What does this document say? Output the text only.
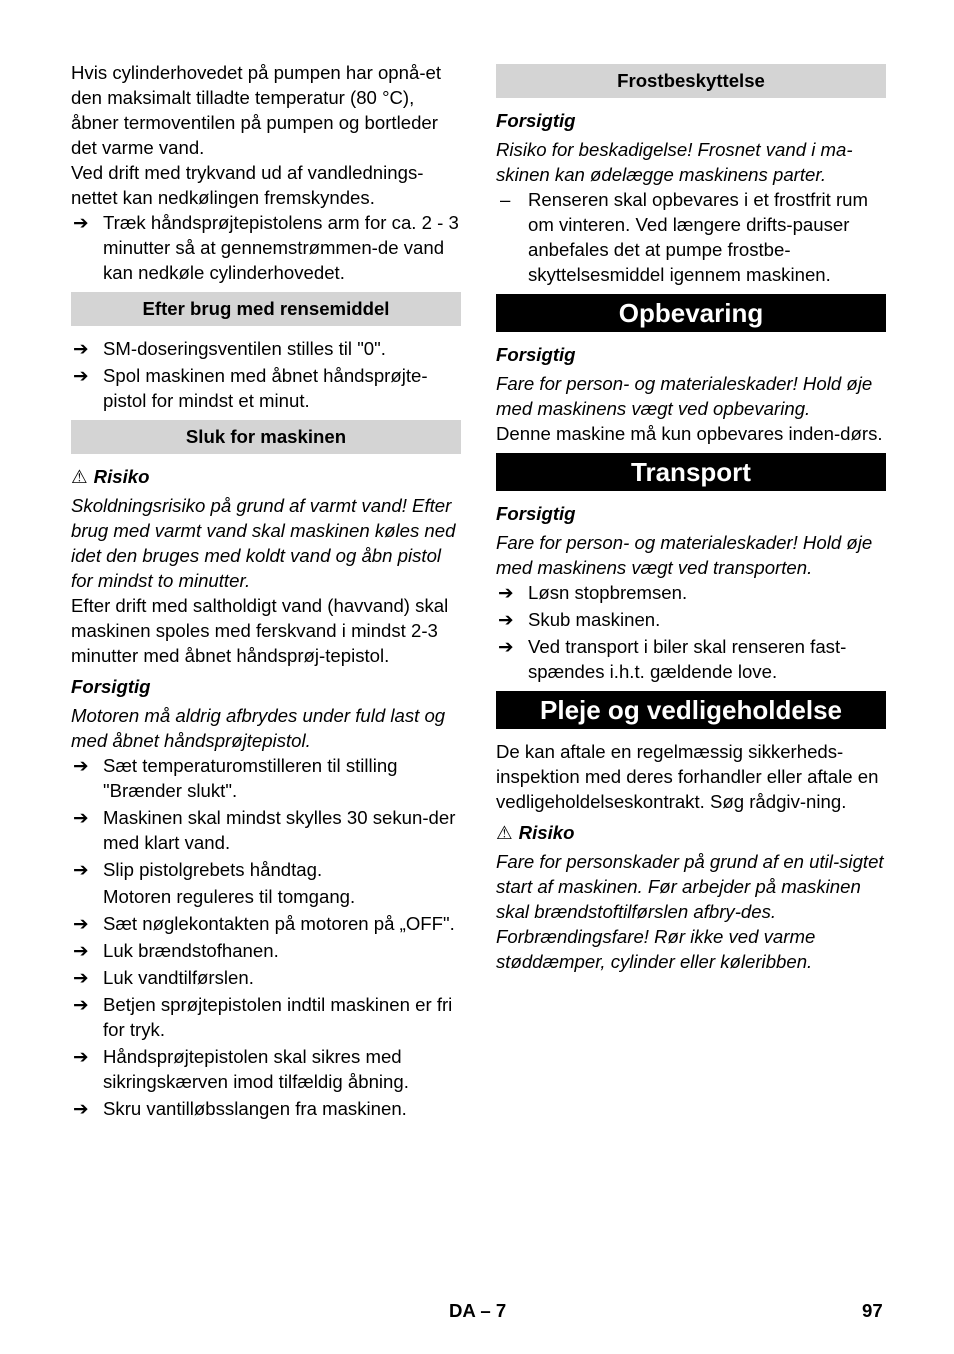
Hvis cylinderhovedet på pumpen har opnå-et den maksimalt tilladte temperatur (80 °C), åbner termoventilen på pumpen og bortleder det varme vand.

Ved drift med trykvand ud af vandlednings-nettet kan nedkølingen fremskyndes.

➔ Træk håndsprøjtepistolens arm for ca. 2 - 3 minutter så at gennemstrømmen-de vand kan nedkøle cylinderhovedet.
Efter brug med rensemiddel
➔ SM-doseringsventilen stilles til "0".
➔ Spol maskinen med åbnet håndsprøjte-pistol for mindst et minut.
Sluk for maskinen

⚠ Risiko

Skoldningsrisiko på grund af varmt vand! Efter brug med varmt vand skal maskinen køles ned idet den bruges med koldt vand og åbn pistol for mindst to minutter.

Efter drift med saltholdigt vand (havvand) skal maskinen spoles med ferskvand i mindst 2-3 minutter med åbnet håndsprøj-tepistol.

Forsigtig

Motoren må aldrig afbrydes under fuld last og med åbnet håndsprøjtepistol.

➔ Sæt temperaturomstilleren til stilling "Brænder slukt".
➔ Maskinen skal mindst skylles 30 sekun-der med klart vand.
➔ Slip pistolgrebets håndtag.

Motoren reguleres til tomgang.

➔ Sæt nøglekontakten på motoren på „OFF".
➔ Luk brændstofhanen.
➔ Luk vandtilførslen.
➔ Betjen sprøjtepistolen indtil maskinen er fri for tryk.
➔ Håndsprøjtepistolen skal sikres med sikringskærven imod tilfældig åbning.
➔ Skru vantilløbsslangen fra maskinen.
Frostbeskyttelse

Forsigtig

Risiko for beskadigelse! Frosnet vand i ma-skinen kan ødelægge maskinens parter.

– Renseren skal opbevares i et frostfrit rum om vinteren. Ved længere drifts-pauser anbefales det at pumpe frostbe-skyttelsesmiddel igennem maskinen.
Opbevaring

Forsigtig

Fare for person- og materialeskader! Hold øje med maskinens vægt ved opbevaring.

Denne maskine må kun opbevares inden-dørs.

Transport

Forsigtig

Fare for person- og materialeskader! Hold øje med maskinens vægt ved transporten.

➔ Løsn stopbremsen.
➔ Skub maskinen.
➔ Ved transport i biler skal renseren fast-spændes i.h.t. gældende love.
Pleje og vedligeholdelse

De kan aftale en regelmæssig sikkerheds-inspektion med deres forhandler eller aftale en vedligeholdelseskontrakt. Søg rådgiv-ning.

⚠ Risiko

Fare for personskader på grund af en util-sigtet start af maskinen. Før arbejder på maskinen skal brændstoftilførslen afbry-des.

Forbrændingsfare! Rør ikke ved varme støddæmper, cylinder eller køleribben.

DA – 7	97
